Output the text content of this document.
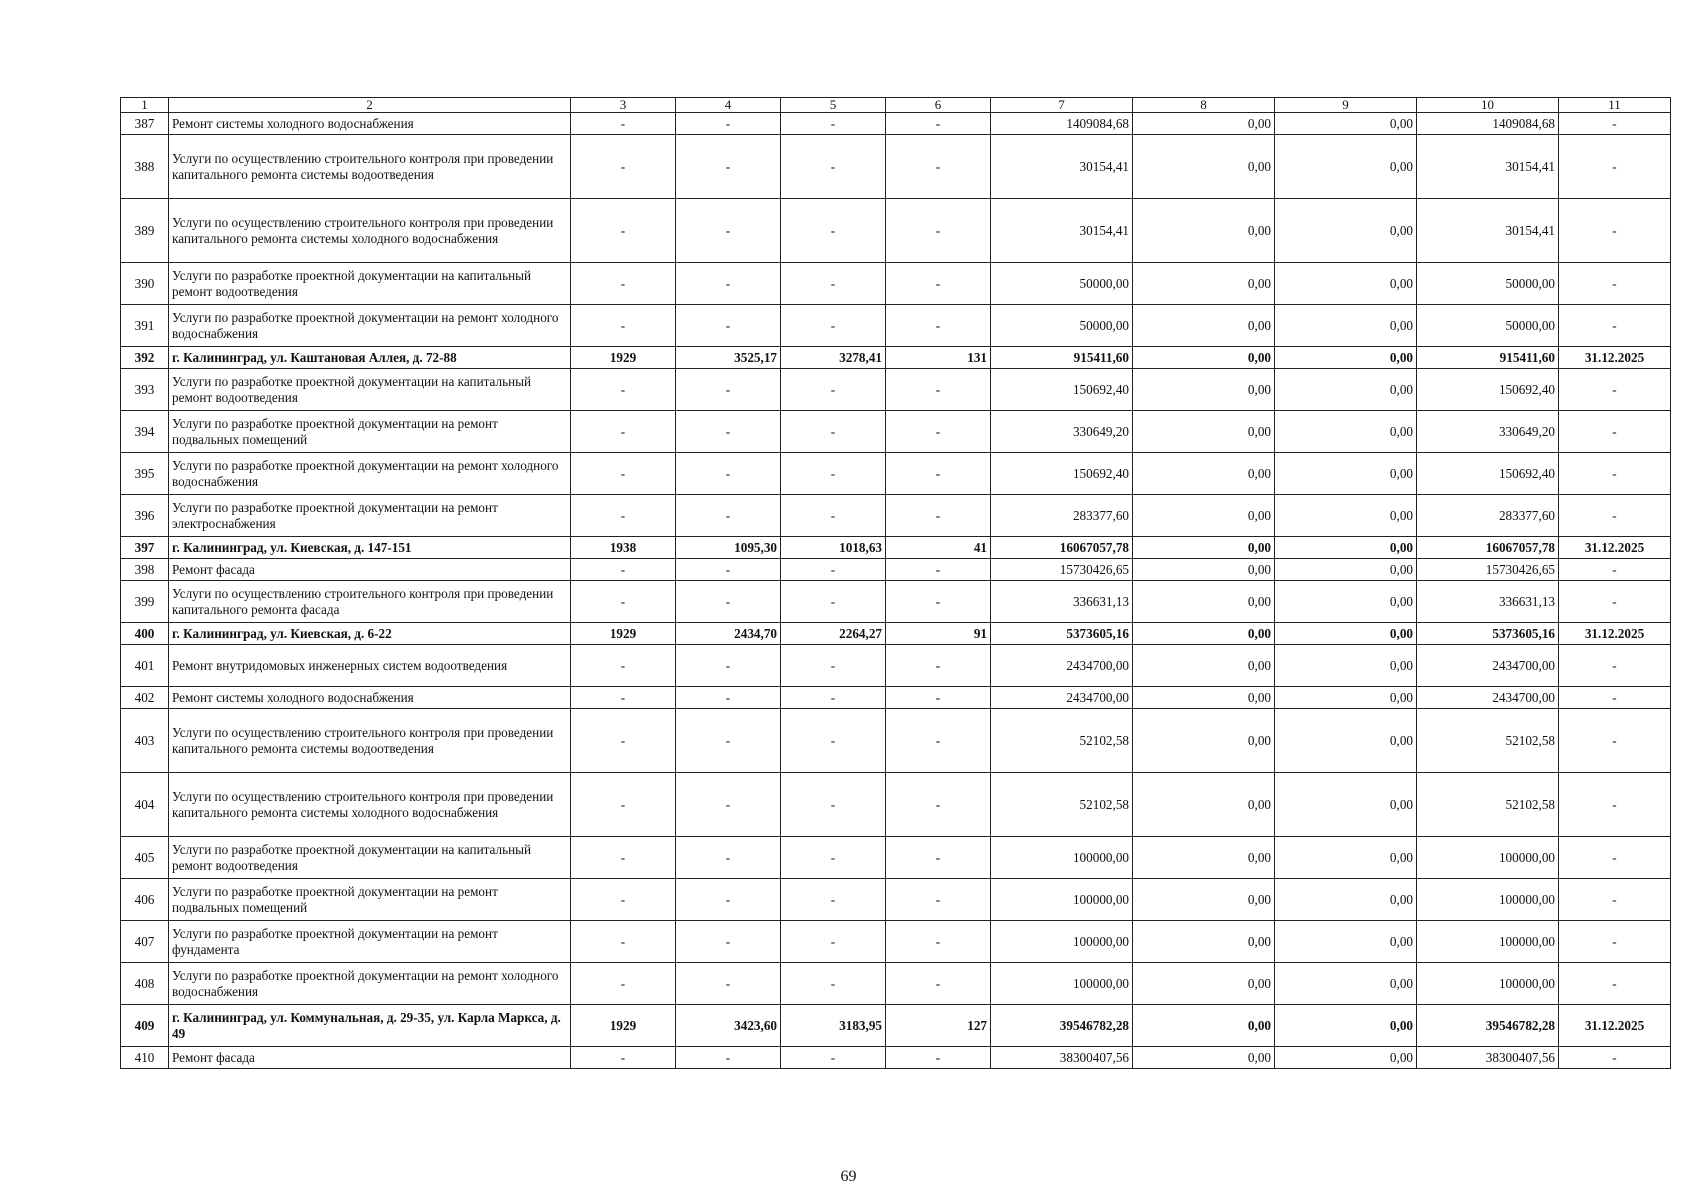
1	2	3	4	5	6	7	8	9	10	11
387	Ремонт системы холодного водоснабжения	-	-	-	-	1409084,68	0,00	0,00	1409084,68	-
388	Услуги по осуществлению строительного контроля при проведении капитального ремонта системы водоотведения	-	-	-	-	30154,41	0,00	0,00	30154,41	-
389	Услуги по осуществлению строительного контроля при проведении капитального ремонта системы холодного водоснабжения	-	-	-	-	30154,41	0,00	0,00	30154,41	-
390	Услуги по разработке проектной документации на капитальный ремонт водоотведения	-	-	-	-	50000,00	0,00	0,00	50000,00	-
391	Услуги по разработке проектной документации на ремонт холодного водоснабжения	-	-	-	-	50000,00	0,00	0,00	50000,00	-
392	г. Калининград, ул. Каштановая Аллея, д. 72-88	1929	3525,17	3278,41	131	915411,60	0,00	0,00	915411,60	31.12.2025
393	Услуги по разработке проектной документации на капитальный ремонт водоотведения	-	-	-	-	150692,40	0,00	0,00	150692,40	-
394	Услуги по разработке проектной документации на ремонт подвальных помещений	-	-	-	-	330649,20	0,00	0,00	330649,20	-
395	Услуги по разработке проектной документации на ремонт холодного водоснабжения	-	-	-	-	150692,40	0,00	0,00	150692,40	-
396	Услуги по разработке проектной документации на ремонт электроснабжения	-	-	-	-	283377,60	0,00	0,00	283377,60	-
397	г. Калининград, ул. Киевская, д. 147-151	1938	1095,30	1018,63	41	16067057,78	0,00	0,00	16067057,78	31.12.2025
398	Ремонт фасада	-	-	-	-	15730426,65	0,00	0,00	15730426,65	-
399	Услуги по осуществлению строительного контроля при проведении капитального ремонта фасада	-	-	-	-	336631,13	0,00	0,00	336631,13	-
400	г. Калининград, ул. Киевская, д. 6-22	1929	2434,70	2264,27	91	5373605,16	0,00	0,00	5373605,16	31.12.2025
401	Ремонт внутридомовых инженерных систем водоотведения	-	-	-	-	2434700,00	0,00	0,00	2434700,00	-
402	Ремонт системы холодного водоснабжения	-	-	-	-	2434700,00	0,00	0,00	2434700,00	-
403	Услуги по осуществлению строительного контроля при проведении капитального ремонта системы водоотведения	-	-	-	-	52102,58	0,00	0,00	52102,58	-
404	Услуги по осуществлению строительного контроля при проведении капитального ремонта системы холодного водоснабжения	-	-	-	-	52102,58	0,00	0,00	52102,58	-
405	Услуги по разработке проектной документации на капитальный ремонт водоотведения	-	-	-	-	100000,00	0,00	0,00	100000,00	-
406	Услуги по разработке проектной документации на ремонт подвальных помещений	-	-	-	-	100000,00	0,00	0,00	100000,00	-
407	Услуги по разработке проектной документации на ремонт фундамента	-	-	-	-	100000,00	0,00	0,00	100000,00	-
408	Услуги по разработке проектной документации на ремонт холодного водоснабжения	-	-	-	-	100000,00	0,00	0,00	100000,00	-
409	г. Калининград, ул. Коммунальная, д. 29-35, ул. Карла Маркса, д. 49	1929	3423,60	3183,95	127	39546782,28	0,00	0,00	39546782,28	31.12.2025
410	Ремонт фасада	-	-	-	-	38300407,56	0,00	0,00	38300407,56	-
69
